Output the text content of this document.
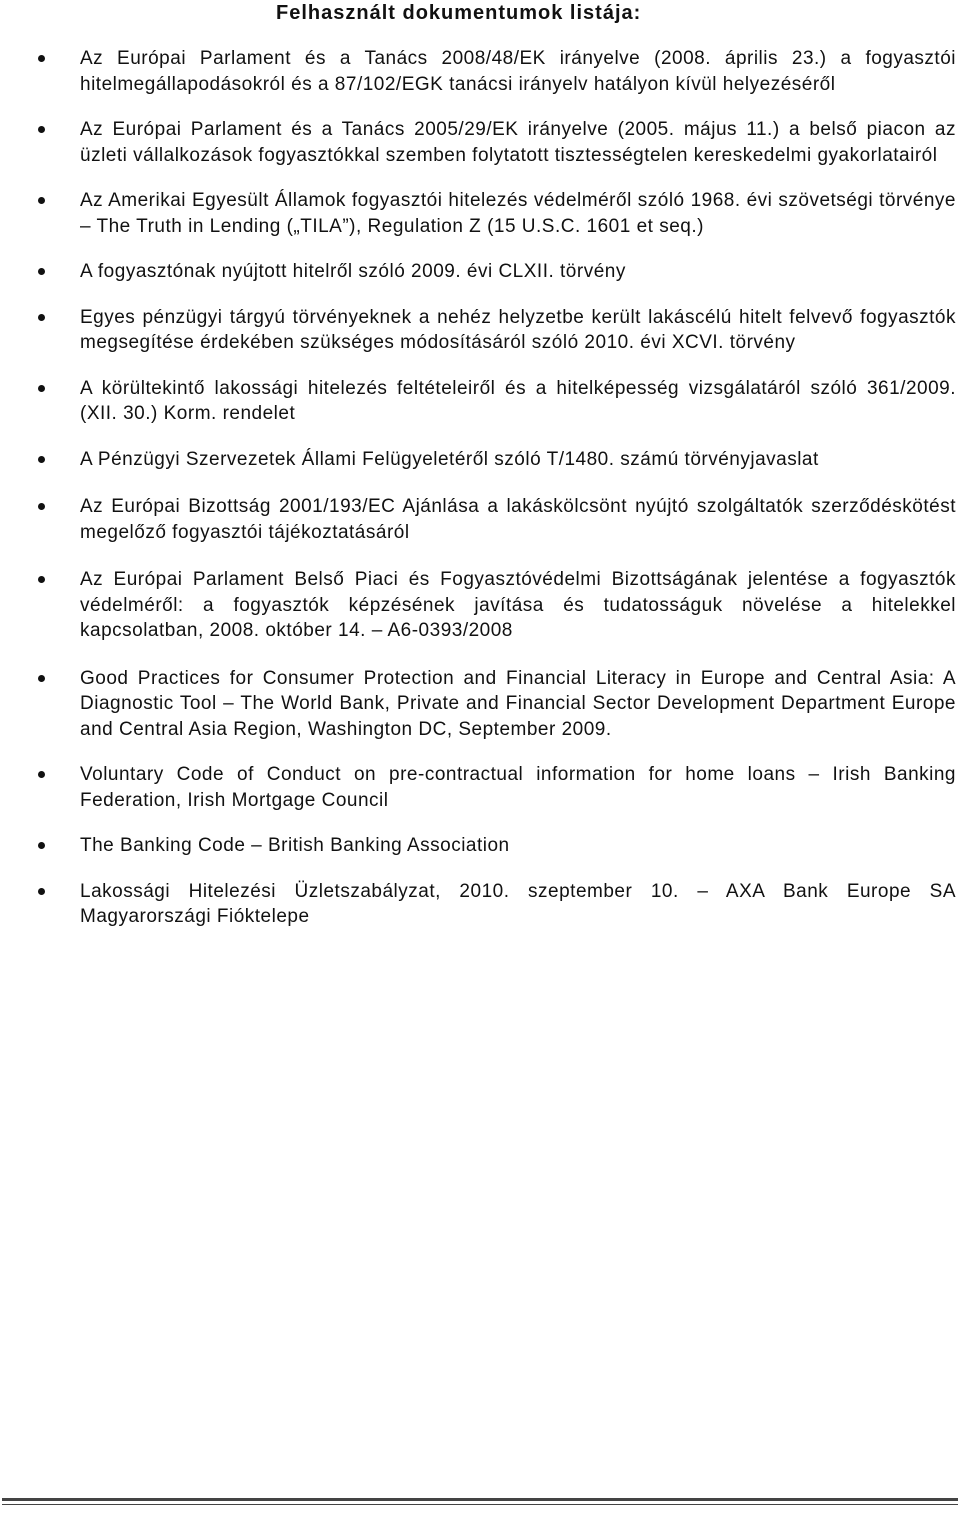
Felhasznált dokumentumok listája:
Az Európai Parlament és a Tanács 2008/48/EK irányelve (2008. április 23.) a fogyasztói hitelmegállapodásokról és a 87/102/EGK tanácsi irányelv hatályon kívül helyezéséről
Az Európai Parlament és a Tanács 2005/29/EK irányelve (2005. május 11.) a belső piacon az üzleti vállalkozások fogyasztókkal szemben folytatott tisztességtelen kereskedelmi gyakorlatairól
Az Amerikai Egyesült Államok fogyasztói hitelezés védelméről szóló 1968. évi szövetségi törvénye – The Truth in Lending („TILA”), Regulation Z (15 U.S.C. 1601 et seq.)
A fogyasztónak nyújtott hitelről szóló 2009. évi CLXII. törvény
Egyes pénzügyi tárgyú törvényeknek a nehéz helyzetbe került lakáscélú hitelt felvevő fogyasztók megsegítése érdekében szükséges módosításáról szóló 2010. évi XCVI. törvény
A körültekintő lakossági hitelezés feltételeiről és a hitelképesség vizsgálatáról szóló 361/2009. (XII. 30.) Korm. rendelet
A Pénzügyi Szervezetek Állami Felügyeletéről szóló T/1480. számú törvényjavaslat
Az Európai Bizottság 2001/193/EC Ajánlása a lakáskölcsönt nyújtó szolgáltatók szerződéskötést megelőző fogyasztói tájékoztatásáról
Az Európai Parlament Belső Piaci és Fogyasztóvédelmi Bizottságának jelentése a fogyasztók védelméről: a fogyasztók képzésének javítása és tudatosságuk növelése a hitelekkel kapcsolatban, 2008. október 14. – A6-0393/2008
Good Practices for Consumer Protection and Financial Literacy in Europe and Central Asia: A Diagnostic Tool – The World Bank, Private and Financial Sector Development Department Europe and Central Asia Region, Washington DC, September 2009.
Voluntary Code of Conduct on pre-contractual information for home loans – Irish Banking Federation, Irish Mortgage Council
The Banking Code – British Banking Association
Lakossági Hitelezési Üzletszabályzat, 2010. szeptember 10. – AXA Bank Europe SA Magyarországi Fióktelepe
